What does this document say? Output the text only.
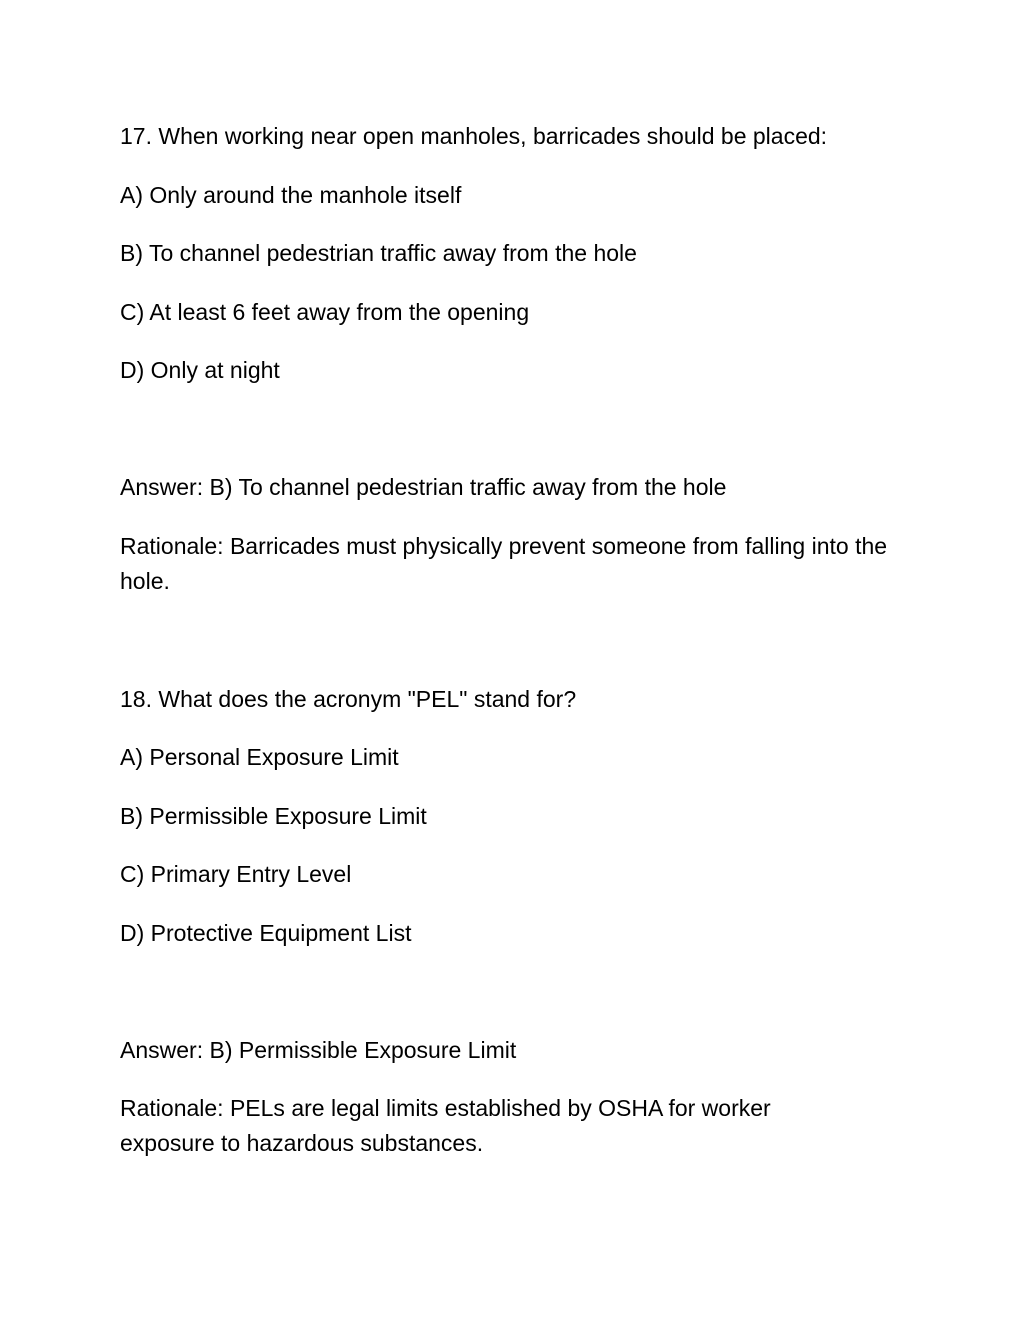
17. When working near open manholes, barricades should be placed:
A) Only around the manhole itself
B) To channel pedestrian traffic away from the hole
C) At least 6 feet away from the opening
D) Only at night
Answer: B) To channel pedestrian traffic away from the hole
Rationale: Barricades must physically prevent someone from falling into the hole.
18. What does the acronym "PEL" stand for?
A) Personal Exposure Limit
B) Permissible Exposure Limit
C) Primary Entry Level
D) Protective Equipment List
Answer: B) Permissible Exposure Limit
Rationale: PELs are legal limits established by OSHA for worker exposure to hazardous substances.
